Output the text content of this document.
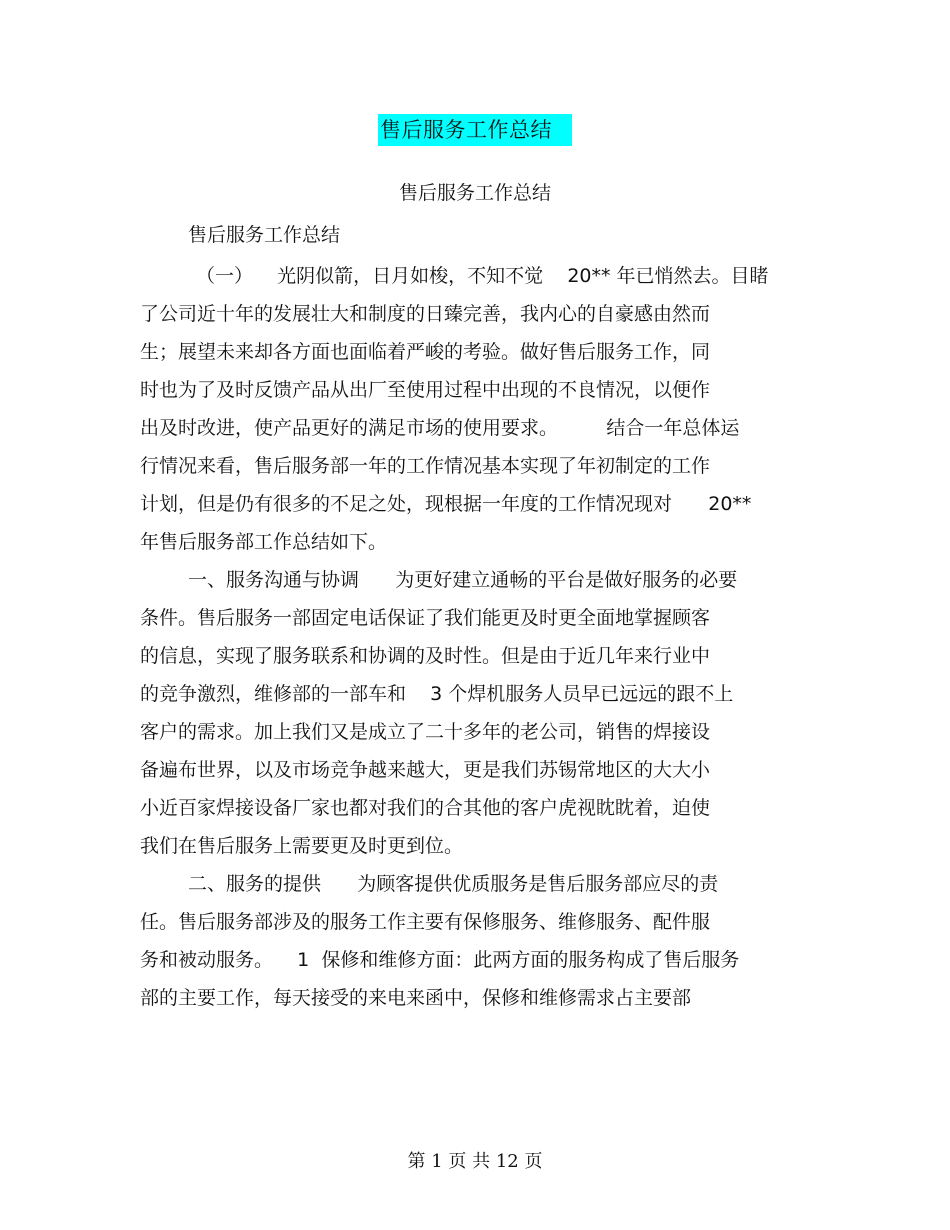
售后服务工作总结
售后服务工作总结
售后服务工作总结
（一）    光阴似箭，日月如梭，不知不觉    20** 年已悄然去。目睹
了公司近十年的发展壮大和制度的日臻完善，我内心的自豪感由然而
生；展望未来却各方面也面临着严峻的考验。做好售后服务工作，同
时也为了及时反馈产品从出厂至使用过程中出现的不良情况，以便作
出及时改进，使产品更好的满足市场的使用要求。        结合一年总体运
行情况来看，售后服务部一年的工作情况基本实现了年初制定的工作
计划，但是仍有很多的不足之处，现根据一年度的工作情况现对      20**
年售后服务部工作总结如下。
一、服务沟通与协调      为更好建立通畅的平台是做好服务的必要
条件。售后服务一部固定电话保证了我们能更及时更全面地掌握顾客
的信息，实现了服务联系和协调的及时性。但是由于近几年来行业中
的竞争激烈，维修部的一部车和    3 个焊机服务人员早已远远的跟不上
客户的需求。加上我们又是成立了二十多年的老公司，销售的焊接设
备遍布世界，以及市场竞争越来越大，更是我们苏锡常地区的大大小
小近百家焊接设备厂家也都对我们的合其他的客户虎视眈眈着，迫使
我们在售后服务上需要更及时更到位。
二、服务的提供      为顾客提供优质服务是售后服务部应尽的责
任。售后服务部涉及的服务工作主要有保修服务、维修服务、配件服
务和被动服务。    1  保修和维修方面：此两方面的服务构成了售后服务
部的主要工作，每天接受的来电来函中，保修和维修需求占主要部
第 1 页 共 12 页
